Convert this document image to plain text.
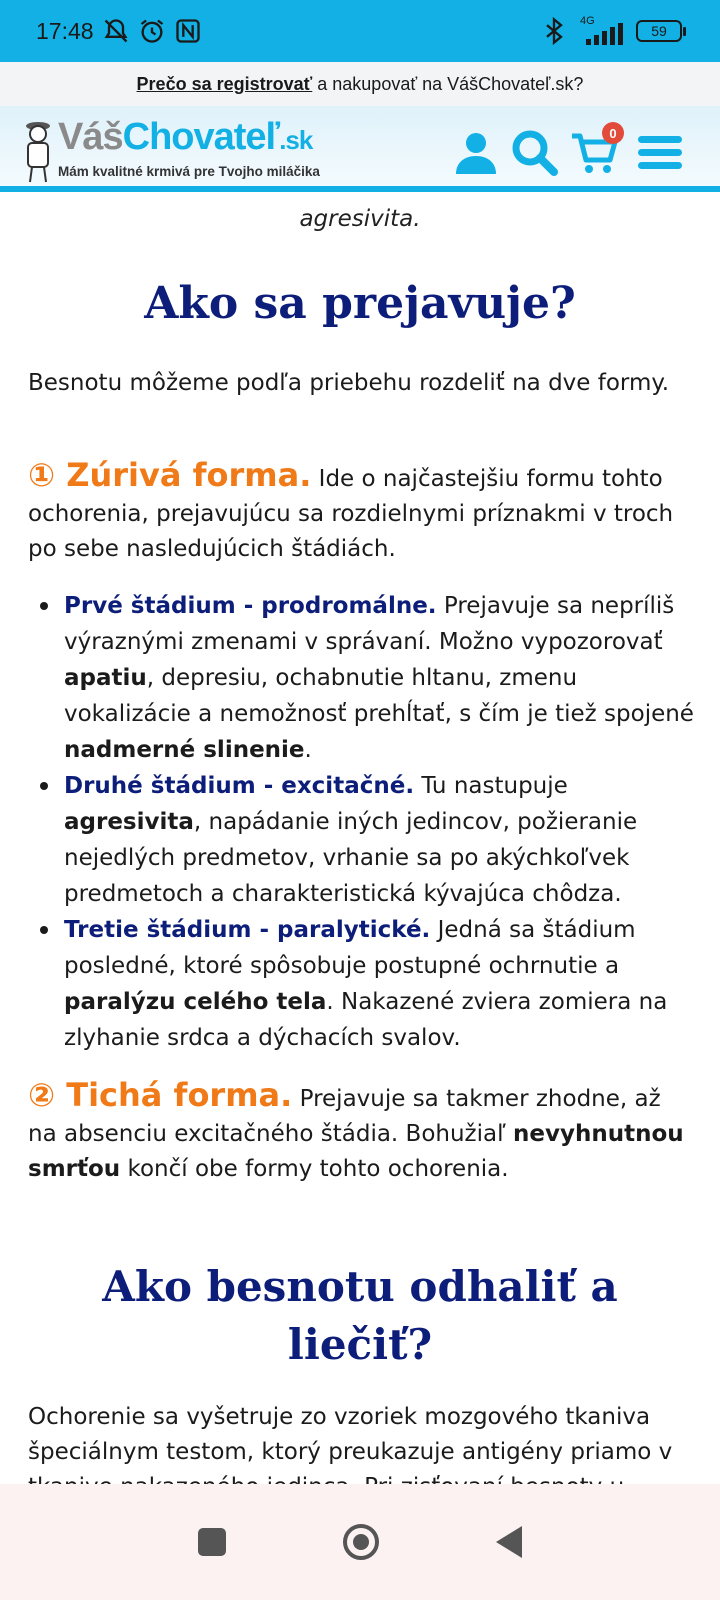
17:48	4G
59
Prečo sa registrovať a nakupovať na VášChovateľ.sk?
VášChovateľ.sk
Mám kvalitné krmivá pre Tvojho miláčika
0
agresivita.
Ako sa prejavuje?

Besnotu môžeme podľa priebehu rozdeliť na dve formy.

① Zúrivá forma. Ide o najčastejšiu formu tohto ochorenia, prejavujúcu sa rozdielnymi príznakmi v troch po sebe nasledujúcich štádiách.

Prvé štádium - prodromálne. Prejavuje sa nepríliš výraznými zmenami v správaní. Možno vypozorovať apatiu, depresiu, ochabnutie hltanu, zmenu vokalizácie a nemožnosť prehĺtať, s čím je tiež spojené nadmerné slinenie.
Druhé štádium - excitačné. Tu nastupuje agresivita, napádanie iných jedincov, požieranie nejedlých predmetov, vrhanie sa po akýchkoľvek predmetoch a charakteristická kývajúca chôdza.
Tretie štádium - paralytické. Jedná sa štádium posledné, ktoré spôsobuje postupné ochrnutie a paralýzu celého tela. Nakazené zviera zomiera na zlyhanie srdca a dýchacích svalov.

② Tichá forma. Prejavuje sa takmer zhodne, až na absenciu excitačného štádia. Bohužiaľ nevyhnutnou smrťou končí obe formy tohto ochorenia.

Ako besnotu odhaliť a liečiť?

Ochorenie sa vyšetruje zo vzoriek mozgového tkaniva špeciálnym testom, ktorý preukazuje antigény priamo v
